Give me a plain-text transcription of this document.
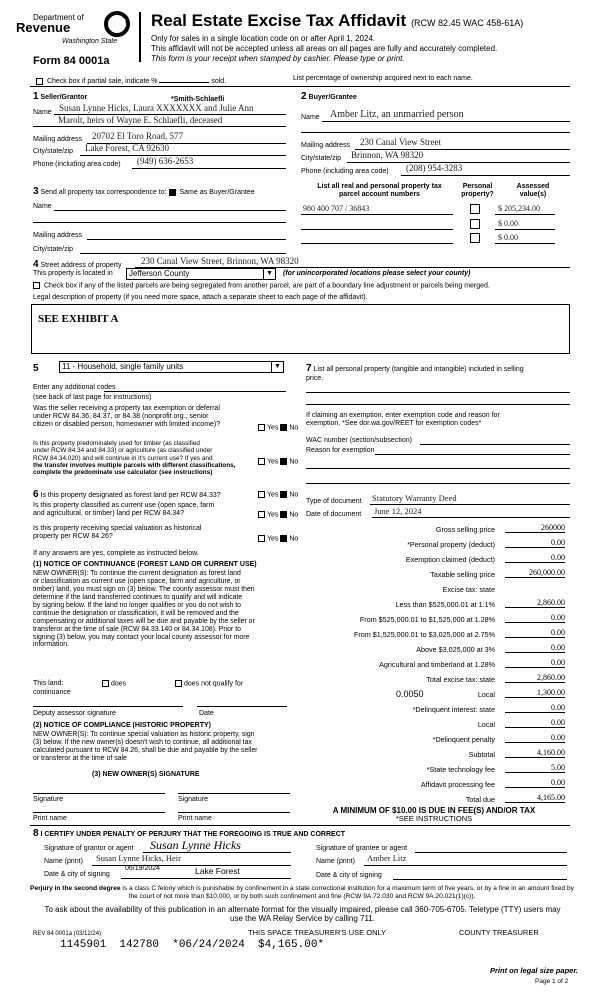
Department of
Revenue
Washington State
Form 84 0001a
Real Estate Excise Tax Affidavit (RCW 82.45 WAC 458-61A)
Only for sales in a single location code on or after April 1, 2024.
This affidavit will not be accepted unless all areas on all pages are fully and accurately completed.
This form is your receipt when stamped by cashier. Please type or print.
Check box if partial sale, indicate %	sold.	List percentage of ownership acquired next to each name.
1 Seller/Grantor	*Smith-Schlaefli
Name Susan Lynne Hicks, Laura XXXXXXX and Julie Ann
Marolt, heirs of Wayne E. Schlaefli, deceased
Mailing address 20702 El Toro Road, 577
City/state/zip Lake Forest, CA 92630
Phone (including area code) (949) 636-2653
2 Buyer/Grantee
Name Amber Litz, an unmarried person
Mailing address 230 Canal View Street
City/state/zip Brinnon, WA 98320
Phone (including area code) (208) 954-3283
3 Send all property tax correspondence to: Same as Buyer/Grantee
Name
Mailing address
City/state/zip
List all real and personal property tax parcel account numbers
Personal property?
Assessed value(s)
980 400 707 / 36843	$ 205,234.00
$ 0.00
$ 0.00
4 Street address of property 230 Canal View Street, Brinnon, WA 98320
This property is located in	Jefferson County	▼ (for unincorporated locations please select your county)
Check box if any of the listed parcels are being segregated from another parcel, are part of a boundary line adjustment or parcels being merged.
Legal description of property (if you need more space, attach a separate sheet to each page of the affidavit).
SEE EXHIBIT A
5	11 - Household, single family units	▼
Enter any additional codes
(see back of last page for instructions)
Was the seller receiving a property tax exemption or deferral
under RCW 84.36, 84.37, or 84.38 (nonprofit org., senior
citizen or disabled person, homeowner with limited income)?	Yes No
Is this property predominately used for timber (as classified
under RCW 84.34 and 84.33) or agriculture (as classified under
RCW 84.34.020) and will continue in it's current use? If yes and
the transfer involves multiple parcels with different classifications,
complete the predominate use calculator (see instructions)
Yes No
6 Is this property designated as forest land per RCW 84.33?	Yes No
Is this property classified as current use (open space, farm
and agricultural, or timber) land per RCW 84.34?	Yes No
Is this property receiving special valuation as historical
property per RCW 84.26?	Yes No
If any answers are yes, complete as instructed below.
(1) NOTICE OF CONTINUANCE (FOREST LAND OR CURRENT USE)
NEW OWNER(S): To continue the current designation as forest land
or classification as current use (open space, farm and agriculture, or
timber) land, you must sign on (3) below. The county assessor must then
determine if the land transferred continues to qualify and will indicate
by signing below. If the land no longer qualifies or you do not wish to
continue the designation or classification, it will be removed and the
compensating or additional taxes will be due and payable by the seller or
transferor at the time of sale (RCW 84.33.140 or 84.34.108). Prior to
signing (3) below, you may contact your local county assessor for more
information.
This land:	does	does not qualify for
continuance
Deputy assessor signature	Date
(2) NOTICE OF COMPLIANCE (HISTORIC PROPERTY)
NEW OWNER(S): To continue special valuation as historic property, sign
(3) below. If the new owner(s) doesn't wish to continue, all additional tax
calculated pursuant to RCW 84.26, shall be due and payable by the seller
or transferor at the time of sale
(3) NEW OWNER(S) SIGNATURE
Signature	Signature
Print name	Print name
7 List all personal property (tangible and intangible) included in selling
price.
If claiming an exemption, enter exemption code and reason for
exemption. *See dor.wa.gov/REET for exemption codes*
WAC number (section/subsection)
Reason for exemption
Type of document Statutory Warranty Deed
Date of document June 12, 2024
Gross selling price	260000
*Personal property (deduct)	0.00
Exemption claimed (deduct)	0.00
Taxable selling price	260,000.00
Excise tax: state
Less than $525,000.01 at 1.1%	2,860.00
From $525,000.01 to $1,525,000 at 1.28%	0.00
From $1,525,000.01 to $3,025,000 at 2.75%	0.00
Above $3,025,000 at 3%	0.00
Agricultural and timberland at 1.28%	0.00
Total excise tax: state	2,860.00
0.0050	Local	1,300.00
*Delinquent interest: state	0.00
Local	0.00
*Delinquent penalty	0.00
Subtotal	4,160.00
*State technology fee	5.00
Affidavit processing fee	0.00
Total due	4,165.00
A MINIMUM OF $10.00 IS DUE IN FEE(S) AND/OR TAX
*SEE INSTRUCTIONS
8 I CERTIFY UNDER PENALTY OF PERJURY THAT THE FOREGOING IS TRUE AND CORRECT
Signature of grantor or agent Susan Lynne Hicks
Name (print) Susan Lynne Hicks, Heir
Date & city of signing
06/19/2024	Lake Forest
Signature of grantee or agent
Name (print) Amber Litz
Date & city of signing
Perjury in the second degree is a class C felony which is punishable by confinement in a state correctional institution for a maximum term of five years, or by a fine in an amount fixed by the court of not more than $10,000, or by both such confinement and fine (RCW 9A.72.030 and RCW 9A.20.021(1)(c)).
To ask about the availability of this publication in an alternate format for the visually impaired, please call 360-705-6705. Teletype (TTY) users may use the WA Relay Service by calling 711.
REV 84 0001a (03/12/24)	THIS SPACE TREASURER'S USE ONLY	COUNTY TREASURER
1145901  142780  *06/24/2024  $4,165.00*
Print on legal size paper.
Page 1 of 2
